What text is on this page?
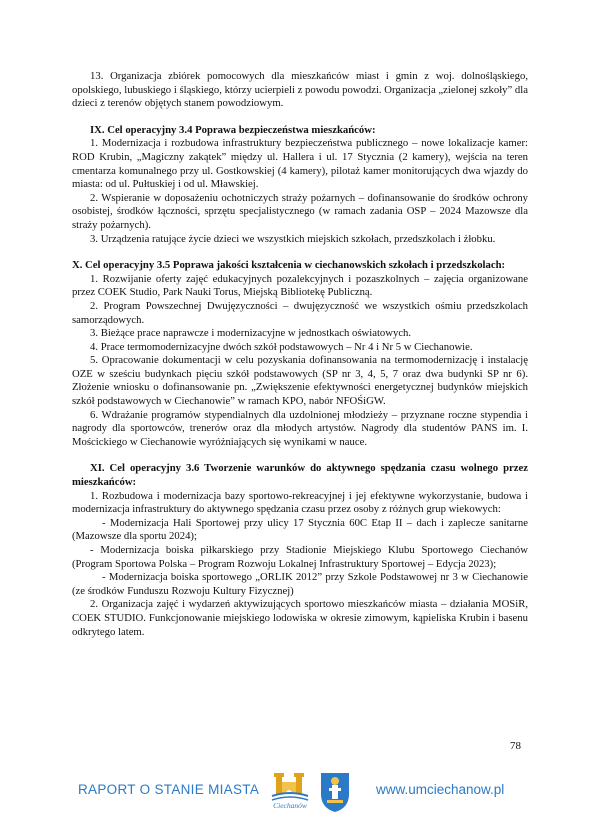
13. Organizacja zbiórek pomocowych dla mieszkańców miast i gmin z woj. dolnośląskiego, opolskiego, lubuskiego i śląskiego, którzy ucierpieli z powodu powodzi. Organizacja „zielonej szkoły” dla dzieci z terenów objętych stanem powodziowym.

IX. Cel operacyjny 3.4 Poprawa bezpieczeństwa mieszkańców:

1. Modernizacja i rozbudowa infrastruktury bezpieczeństwa publicznego – nowe lokalizacje kamer: ROD Krubin, „Magiczny zakątek” między ul. Hallera i ul. 17 Stycznia (2 kamery), wejścia na teren cmentarza komunalnego przy ul. Gostkowskiej (4 kamery), pilotaż kamer monitorujących dwa wjazdy do miasta: od ul. Pułtuskiej i od ul. Mławskiej.

2. Wspieranie w doposażeniu ochotniczych straży pożarnych – dofinansowanie do środków ochrony osobistej, środków łączności, sprzętu specjalistycznego (w ramach zadania OSP – 2024 Mazowsze dla straży pożarnych).

3. Urządzenia ratujące życie dzieci we wszystkich miejskich szkołach, przedszkolach i żłobku.

X. Cel operacyjny 3.5 Poprawa jakości kształcenia w ciechanowskich szkołach i przedszkolach:

1. Rozwijanie oferty zajęć edukacyjnych pozalekcyjnych i pozaszkolnych – zajęcia organizowane przez COEK Studio, Park Nauki Torus, Miejską Bibliotekę Publiczną.

2. Program Powszechnej Dwujęzyczności – dwujęzyczność we wszystkich ośmiu przedszkolach samorządowych.

3. Bieżące prace naprawcze i modernizacyjne w jednostkach oświatowych.

4. Prace termomodernizacyjne dwóch szkół podstawowych – Nr 4 i Nr 5 w Ciechanowie.

5. Opracowanie dokumentacji w celu pozyskania dofinansowania na termomodernizację i instalację OZE w sześciu budynkach pięciu szkół podstawowych (SP nr 3, 4, 5, 7 oraz dwa budynki SP nr 6). Złożenie wniosku o dofinansowanie pn. „Zwiększenie efektywności energetycznej budynków miejskich szkół podstawowych w Ciechanowie” w ramach KPO, nabór NFOŚiGW.

6. Wdrażanie programów stypendialnych dla uzdolnionej młodzieży – przyznane roczne stypendia i nagrody dla sportowców, trenerów oraz dla młodych artystów. Nagrody dla studentów PANS im. I. Mościckiego w Ciechanowie wyróżniających się wynikami w nauce.

XI. Cel operacyjny 3.6 Tworzenie warunków do aktywnego spędzania czasu wolnego przez mieszkańców:

1. Rozbudowa i modernizacja bazy sportowo-rekreacyjnej i jej efektywne wykorzystanie, budowa i modernizacja infrastruktury do aktywnego spędzania czasu przez osoby z różnych grup wiekowych:

- Modernizacja Hali Sportowej przy ulicy 17 Stycznia 60C Etap II – dach i zaplecze sanitarne (Mazowsze dla sportu 2024);

- Modernizacja boiska piłkarskiego przy Stadionie Miejskiego Klubu Sportowego Ciechanów (Program Sportowa Polska – Program Rozwoju Lokalnej Infrastruktury Sportowej – Edycja 2023);

- Modernizacja boiska sportowego „ORLIK 2012” przy Szkole Podstawowej nr 3 w Ciechanowie (ze środków Funduszu Rozwoju Kultury Fizycznej)

2. Organizacja zajęć i wydarzeń aktywizujących sportowo mieszkańców miasta – działania MOSiR, COEK STUDIO. Funkcjonowanie miejskiego lodowiska w okresie zimowym, kąpieliska Krubin i basenu odkrytego latem.

78
RAPORT O STANIE MIASTA
Ciechanów
www.umciechanow.pl
